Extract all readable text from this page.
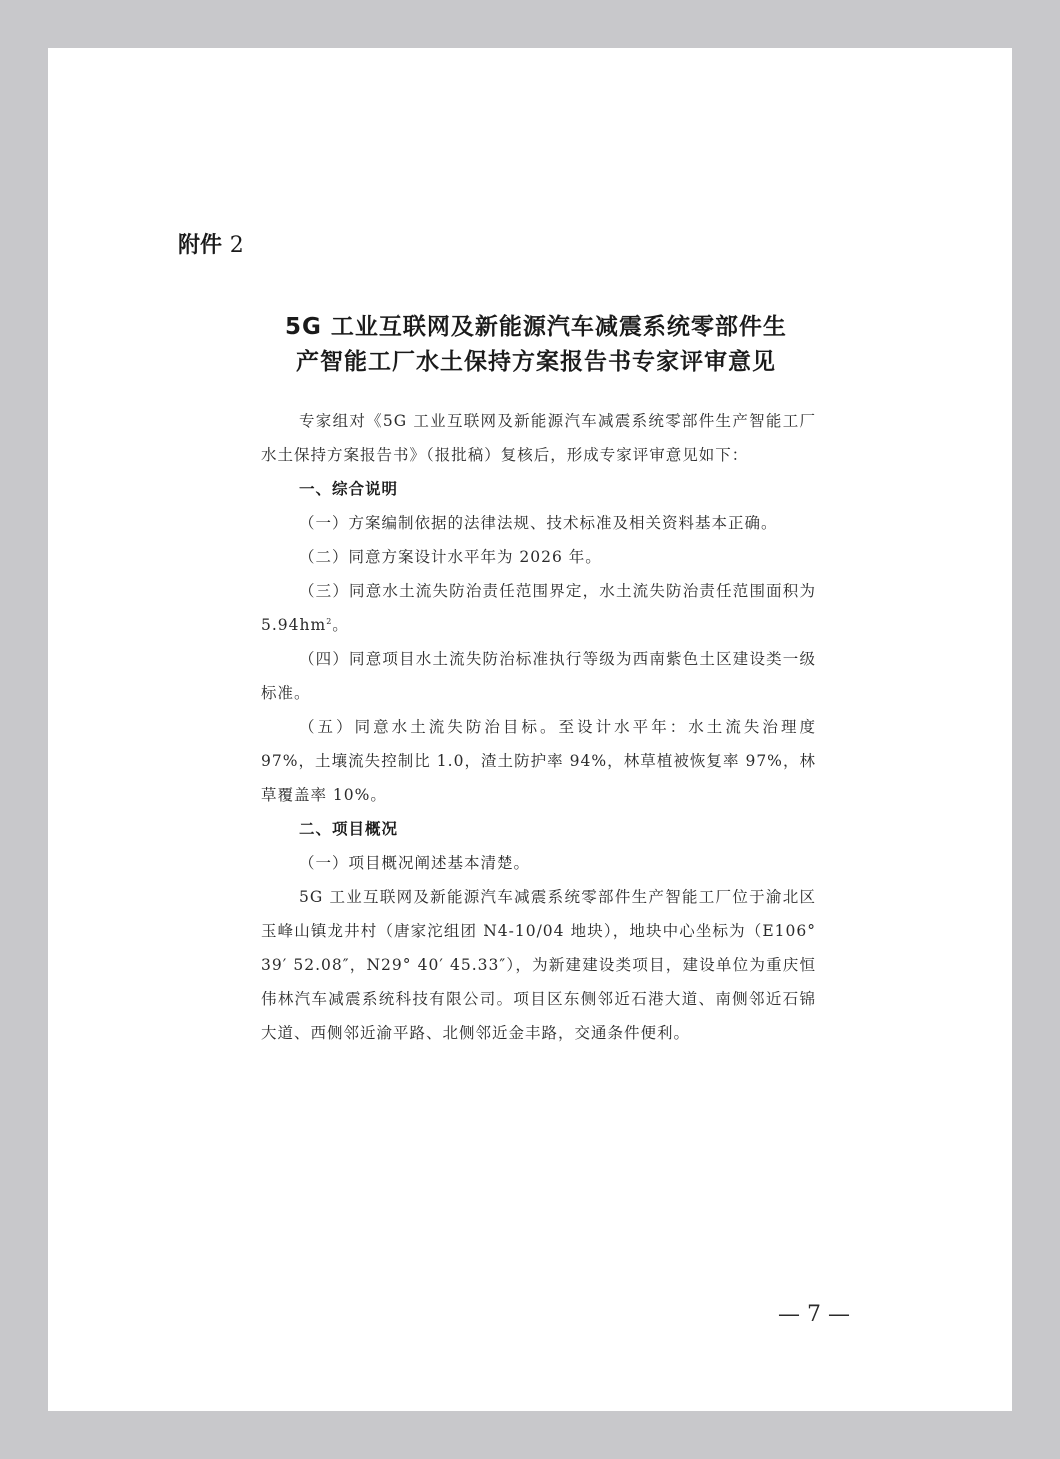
附件 2
5G 工业互联网及新能源汽车减震系统零部件生
产智能工厂水土保持方案报告书专家评审意见

专家组对《5G 工业互联网及新能源汽车减震系统零部件生产智能工厂水土保持方案报告书》（报批稿）复核后，形成专家评审意见如下：

一、综合说明

（一）方案编制依据的法律法规、技术标准及相关资料基本正确。

（二）同意方案设计水平年为 2026 年。

（三）同意水土流失防治责任范围界定，水土流失防治责任范围面积为 $5.94hm^2$。

（四）同意项目水土流失防治标准执行等级为西南紫色土区建设类一级标准。

（五）同意水土流失防治目标。至设计水平年：水土流失治理度 97%，土壤流失控制比 1.0，渣土防护率 94%，林草植被恢复率 97%，林草覆盖率 10%。

二、项目概况

（一）项目概况阐述基本清楚。

5G 工业互联网及新能源汽车减震系统零部件生产智能工厂位于渝北区玉峰山镇龙井村（唐家沱组团 N4-10/04 地块），地块中心坐标为（E106° 39′ 52.08″，N29° 40′ 45.33″），为新建建设类项目，建设单位为重庆恒伟林汽车减震系统科技有限公司。项目区东侧邻近石港大道、南侧邻近石锦大道、西侧邻近渝平路、北侧邻近金丰路，交通条件便利。

— 7 —
